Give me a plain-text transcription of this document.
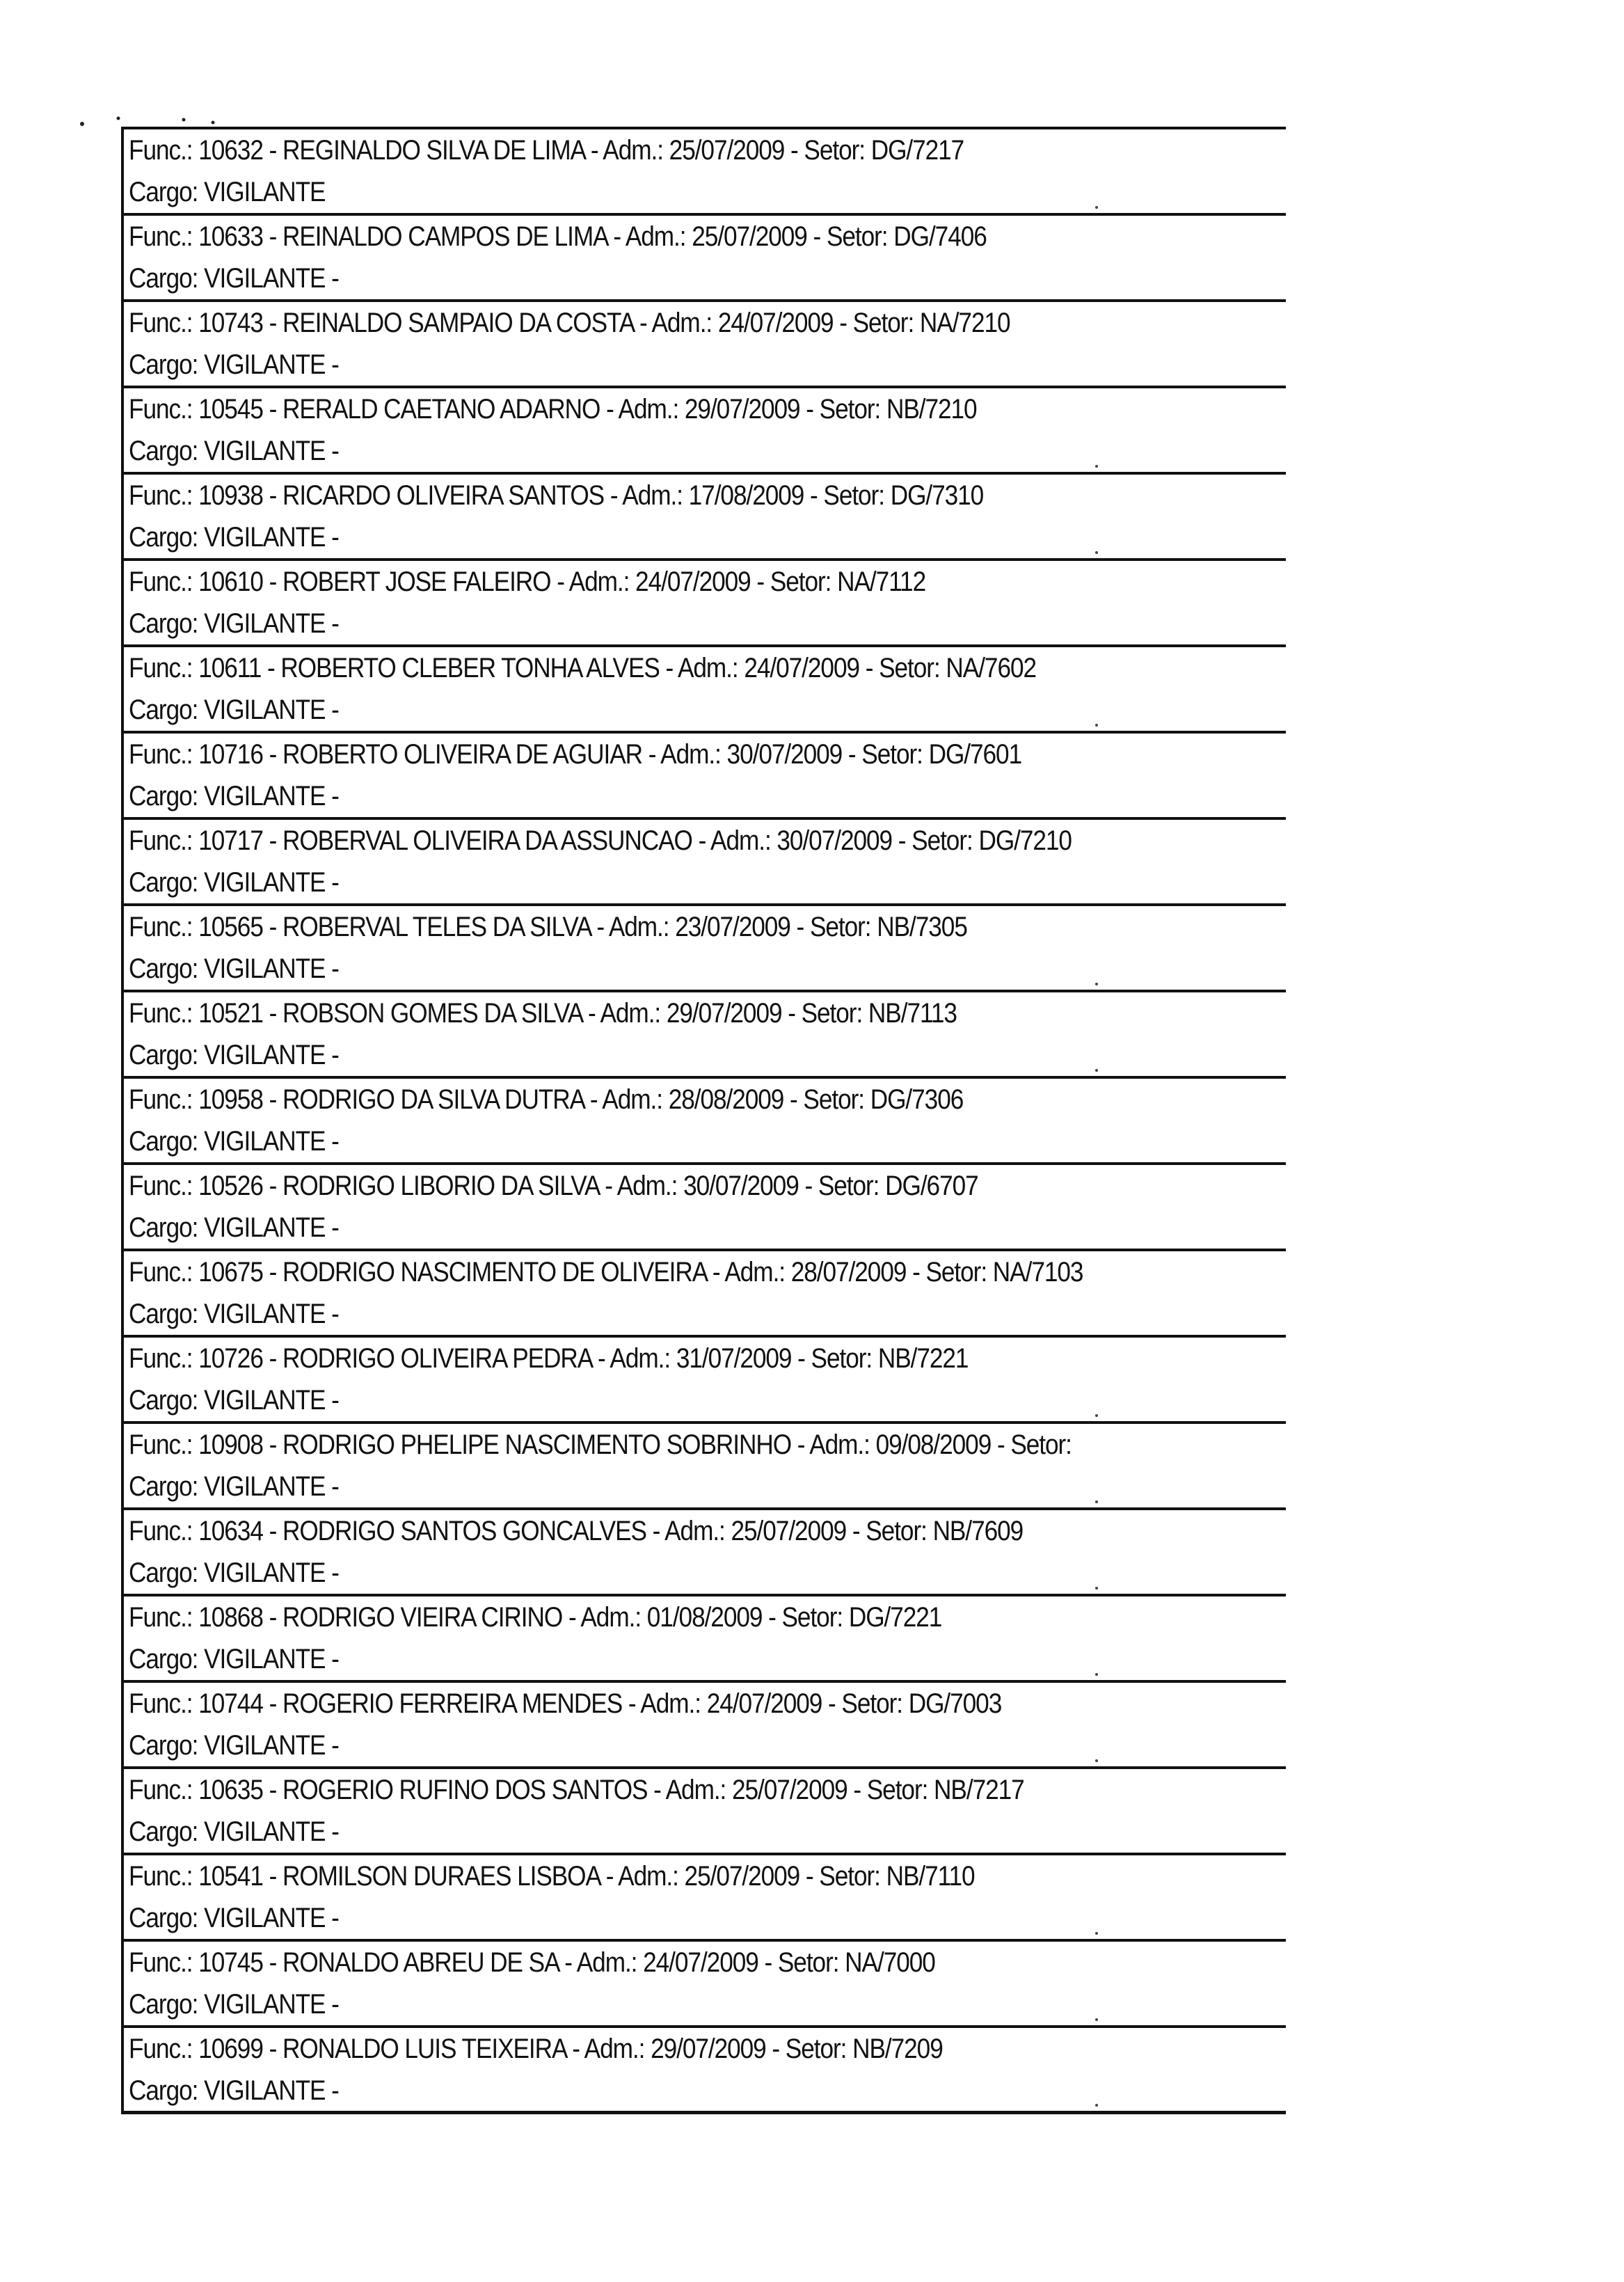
Func.: 10632 - REGINALDO SILVA DE LIMA - Adm.: 25/07/2009 - Setor: DG/7217
Cargo: VIGILANTE
Func.: 10633 - REINALDO CAMPOS DE LIMA - Adm.: 25/07/2009 - Setor: DG/7406
Cargo: VIGILANTE -
Func.: 10743 - REINALDO SAMPAIO DA COSTA - Adm.: 24/07/2009 - Setor: NA/7210
Cargo: VIGILANTE -
Func.: 10545 - RERALD CAETANO ADARNO - Adm.: 29/07/2009 - Setor: NB/7210
Cargo: VIGILANTE -
Func.: 10938 - RICARDO OLIVEIRA SANTOS - Adm.: 17/08/2009 - Setor: DG/7310
Cargo: VIGILANTE -
Func.: 10610 - ROBERT JOSE FALEIRO - Adm.: 24/07/2009 - Setor: NA/7112
Cargo: VIGILANTE -
Func.: 10611 - ROBERTO CLEBER TONHA ALVES - Adm.: 24/07/2009 - Setor: NA/7602
Cargo: VIGILANTE -
Func.: 10716 - ROBERTO OLIVEIRA DE AGUIAR - Adm.: 30/07/2009 - Setor: DG/7601
Cargo: VIGILANTE -
Func.: 10717 - ROBERVAL OLIVEIRA DA ASSUNCAO - Adm.: 30/07/2009 - Setor: DG/7210
Cargo: VIGILANTE -
Func.: 10565 - ROBERVAL TELES DA SILVA - Adm.: 23/07/2009 - Setor: NB/7305
Cargo: VIGILANTE -
Func.: 10521 - ROBSON GOMES DA SILVA - Adm.: 29/07/2009 - Setor: NB/7113
Cargo: VIGILANTE -
Func.: 10958 - RODRIGO DA SILVA DUTRA - Adm.: 28/08/2009 - Setor: DG/7306
Cargo: VIGILANTE -
Func.: 10526 - RODRIGO LIBORIO DA SILVA - Adm.: 30/07/2009 - Setor: DG/6707
Cargo: VIGILANTE -
Func.: 10675 - RODRIGO NASCIMENTO DE OLIVEIRA - Adm.: 28/07/2009 - Setor: NA/7103
Cargo: VIGILANTE -
Func.: 10726 - RODRIGO OLIVEIRA PEDRA - Adm.: 31/07/2009 - Setor: NB/7221
Cargo: VIGILANTE -
Func.: 10908 - RODRIGO PHELIPE NASCIMENTO SOBRINHO - Adm.: 09/08/2009 - Setor:
Cargo: VIGILANTE -
Func.: 10634 - RODRIGO SANTOS GONCALVES - Adm.: 25/07/2009 - Setor: NB/7609
Cargo: VIGILANTE -
Func.: 10868 - RODRIGO VIEIRA CIRINO - Adm.: 01/08/2009 - Setor: DG/7221
Cargo: VIGILANTE -
Func.: 10744 - ROGERIO FERREIRA MENDES - Adm.: 24/07/2009 - Setor: DG/7003
Cargo: VIGILANTE -
Func.: 10635 - ROGERIO RUFINO DOS SANTOS - Adm.: 25/07/2009 - Setor: NB/7217
Cargo: VIGILANTE -
Func.: 10541 - ROMILSON DURAES LISBOA - Adm.: 25/07/2009 - Setor: NB/7110
Cargo: VIGILANTE -
Func.: 10745 - RONALDO ABREU DE SA - Adm.: 24/07/2009 - Setor: NA/7000
Cargo: VIGILANTE -
Func.: 10699 - RONALDO LUIS TEIXEIRA - Adm.: 29/07/2009 - Setor: NB/7209
Cargo: VIGILANTE -
